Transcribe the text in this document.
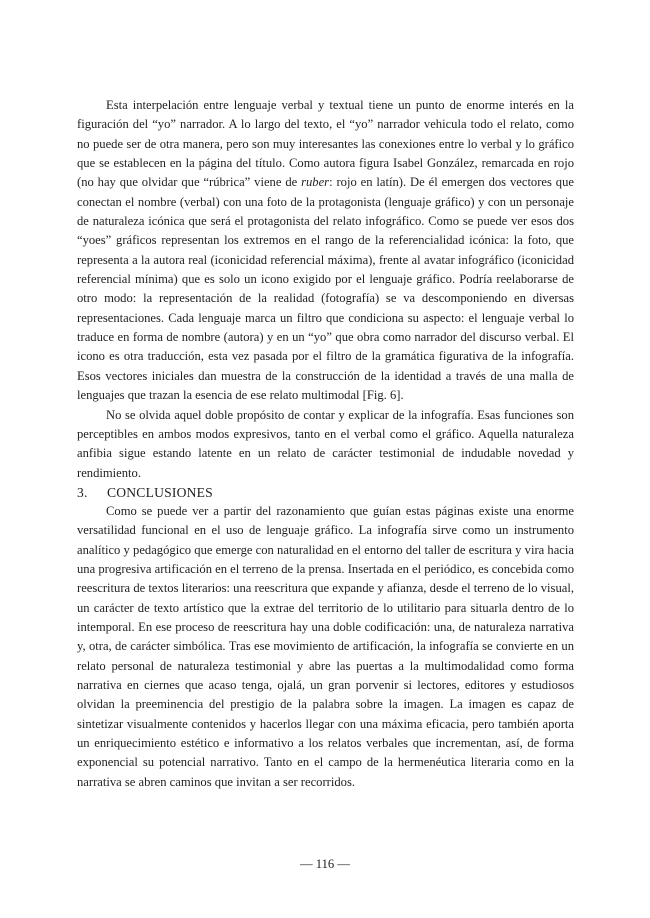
Esta interpelación entre lenguaje verbal y textual tiene un punto de enorme interés en la figuración del “yo” narrador. A lo largo del texto, el “yo” narrador vehicula todo el relato, como no puede ser de otra manera, pero son muy interesantes las conexiones entre lo verbal y lo gráfico que se establecen en la página del título. Como autora figura Isabel González, remarcada en rojo (no hay que olvidar que “rúbrica” viene de ruber: rojo en latín). De él emergen dos vectores que conectan el nombre (verbal) con una foto de la protagonista (lenguaje gráfico) y con un personaje de naturaleza icónica que será el protagonista del relato infográfico. Como se puede ver esos dos “yoes” gráficos representan los extremos en el rango de la referencialidad icónica: la foto, que representa a la autora real (iconicidad referencial máxima), frente al avatar infográfico (iconicidad referencial mínima) que es solo un icono exigido por el lenguaje gráfico. Podría reelaborarse de otro modo: la representación de la realidad (fotografía) se va descomponiendo en diversas representaciones. Cada lenguaje marca un filtro que condiciona su aspecto: el lenguaje verbal lo traduce en forma de nombre (autora) y en un “yo” que obra como narrador del discurso verbal. El icono es otra traducción, esta vez pasada por el filtro de la gramática figurativa de la infografía. Esos vectores iniciales dan muestra de la construcción de la identidad a través de una malla de lenguajes que trazan la esencia de ese relato multimodal [Fig. 6].

No se olvida aquel doble propósito de contar y explicar de la infografía. Esas funciones son perceptibles en ambos modos expresivos, tanto en el verbal como el gráfico. Aquella naturaleza anfibia sigue estando latente en un relato de carácter testimonial de indudable novedad y rendimiento.

3. CONCLUSIONES

Como se puede ver a partir del razonamiento que guían estas páginas existe una enorme versatilidad funcional en el uso de lenguaje gráfico. La infografía sirve como un instrumento analítico y pedagógico que emerge con naturalidad en el entorno del taller de escritura y vira hacia una progresiva artificación en el terreno de la prensa. Insertada en el periódico, es concebida como reescritura de textos literarios: una reescritura que expande y afianza, desde el terreno de lo visual, un carácter de texto artístico que la extrae del territorio de lo utilitario para situarla dentro de lo intemporal. En ese proceso de reescritura hay una doble codificación: una, de naturaleza narrativa y, otra, de carácter simbólica. Tras ese movimiento de artificación, la infografía se convierte en un relato personal de naturaleza testimonial y abre las puertas a la multimodalidad como forma narrativa en ciernes que acaso tenga, ojalá, un gran porvenir si lectores, editores y estudiosos olvidan la preeminencia del prestigio de la palabra sobre la imagen. La imagen es capaz de sintetizar visualmente contenidos y hacerlos llegar con una máxima eficacia, pero también aporta un enriquecimiento estético e informativo a los relatos verbales que incrementan, así, de forma exponencial su potencial narrativo. Tanto en el campo de la hermenéutica literaria como en la narrativa se abren caminos que invitan a ser recorridos.

— 116 —
